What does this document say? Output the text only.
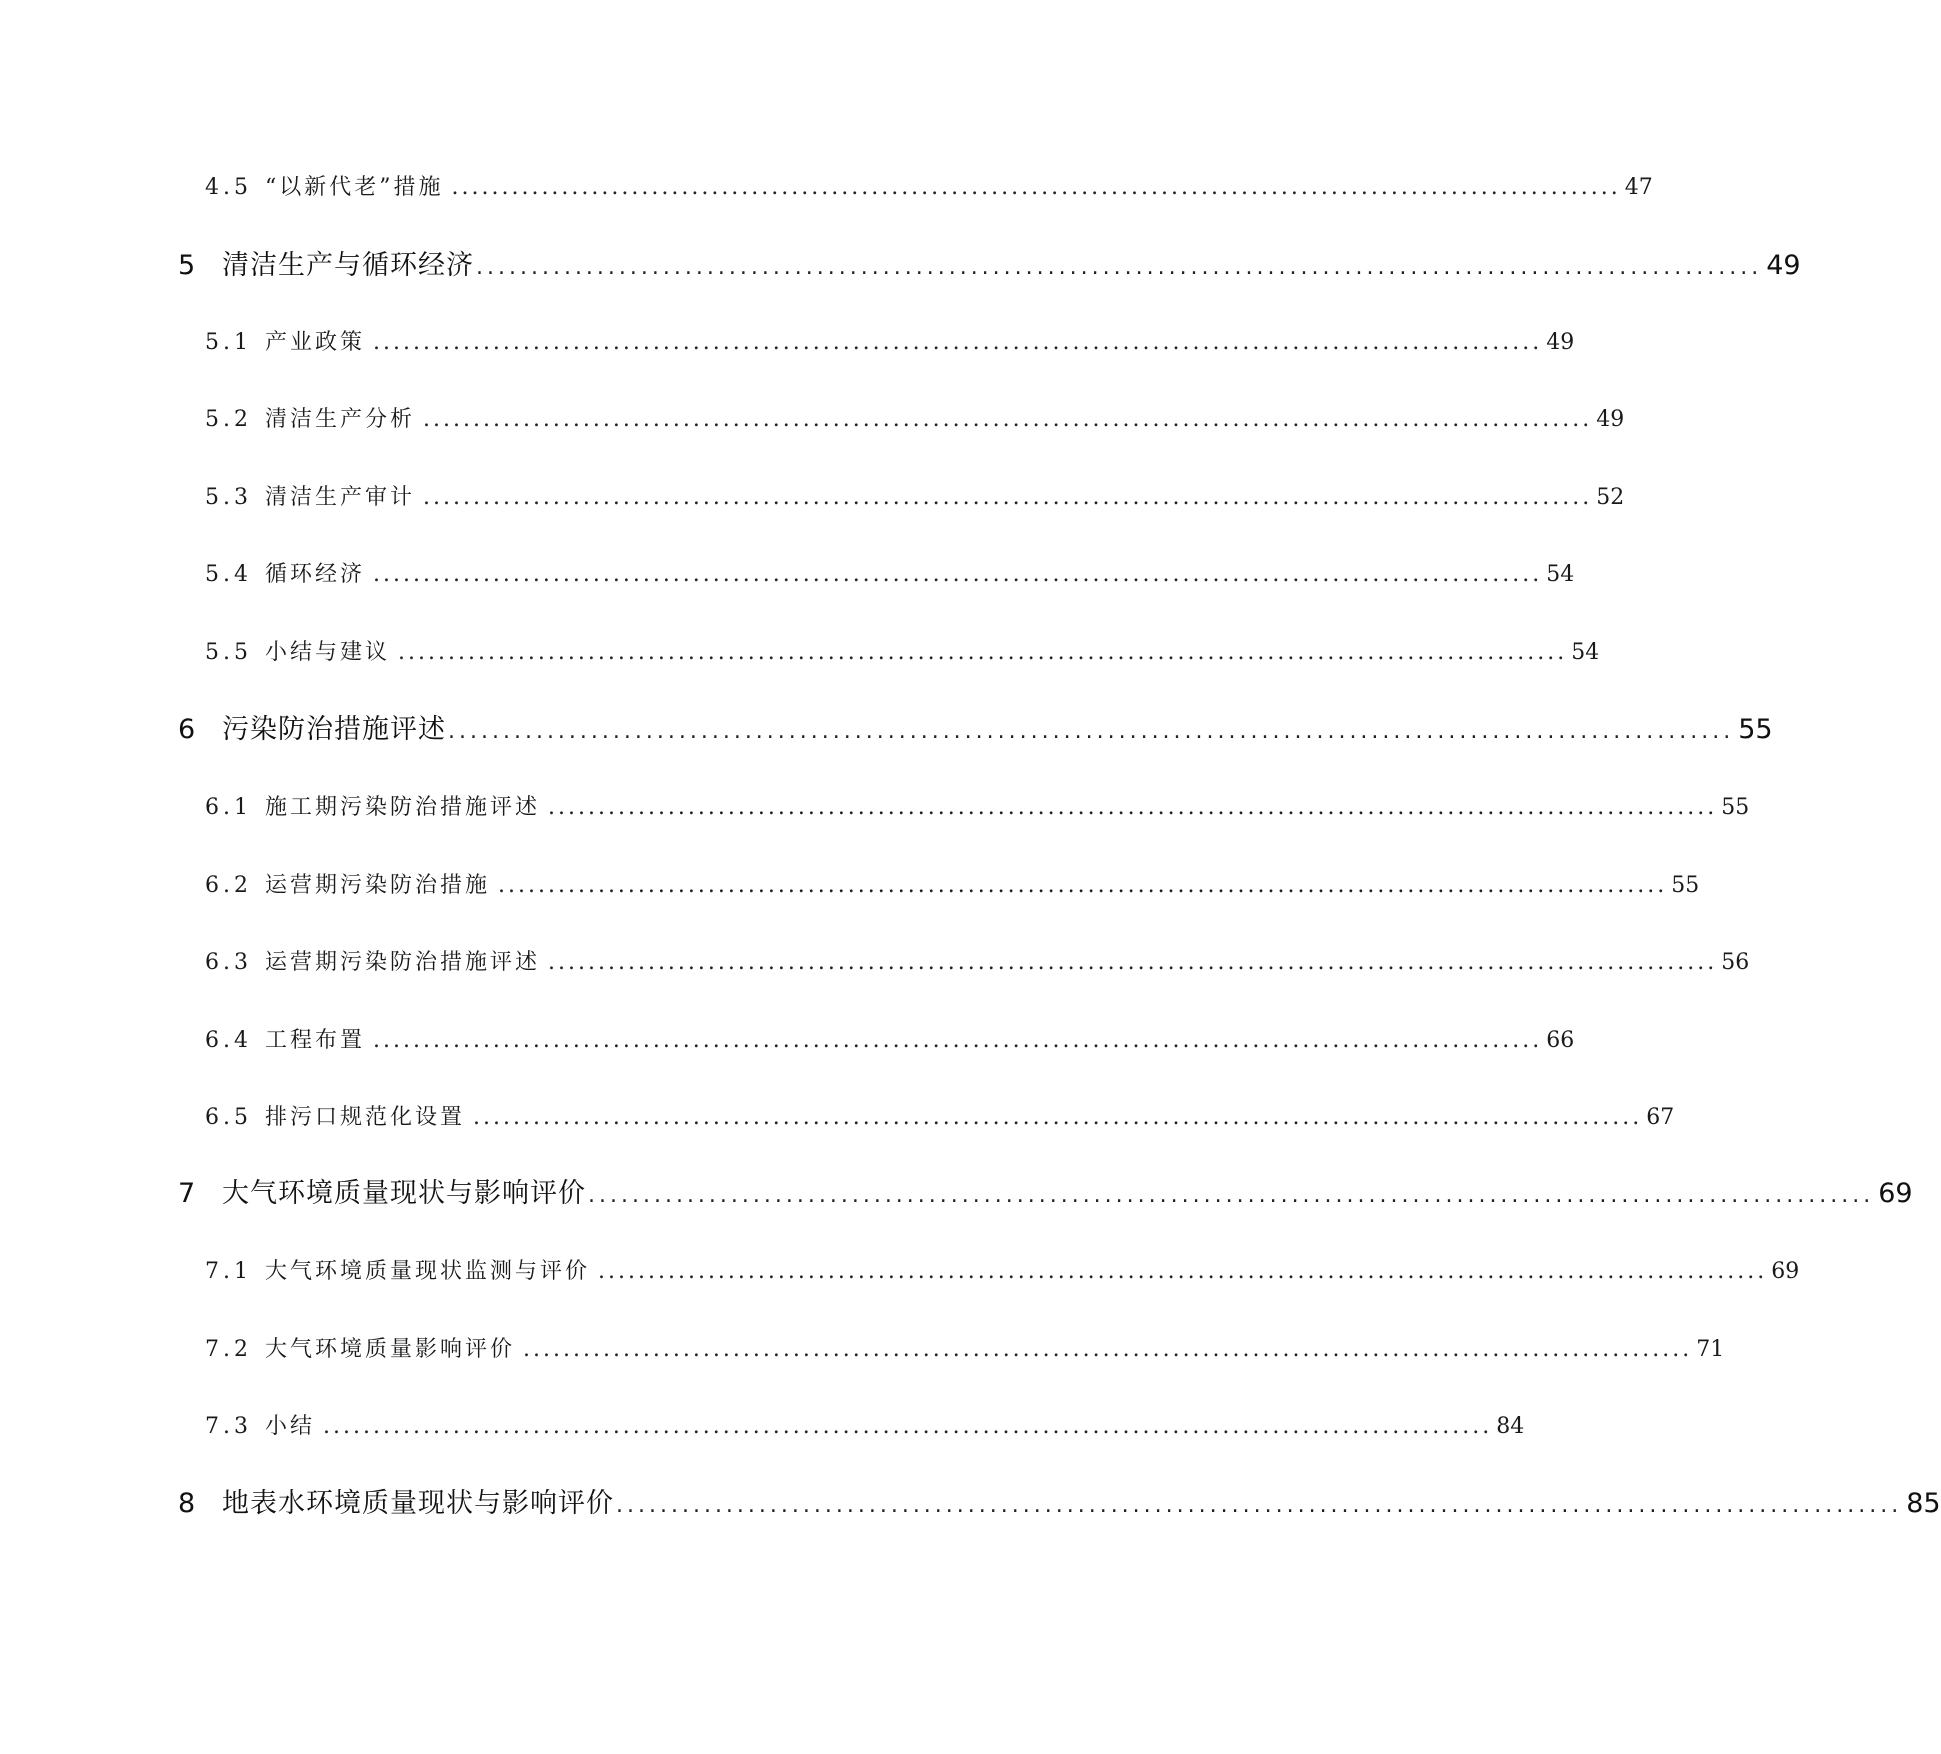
4.5 “以新代老”措施 ..................................................................................................................... 47
5 清洁生产与循环经济 ..................................................................................................................... 49
5.1 产业政策 ..................................................................................................................... 49
5.2 清洁生产分析 ..................................................................................................................... 49
5.3 清洁生产审计 ..................................................................................................................... 52
5.4 循环经济 ..................................................................................................................... 54
5.5 小结与建议 ..................................................................................................................... 54
6 污染防治措施评述 ..................................................................................................................... 55
6.1 施工期污染防治措施评述 ..................................................................................................................... 55
6.2 运营期污染防治措施 ..................................................................................................................... 55
6.3 运营期污染防治措施评述 ..................................................................................................................... 56
6.4 工程布置 ..................................................................................................................... 66
6.5 排污口规范化设置 ..................................................................................................................... 67
7 大气环境质量现状与影响评价 ..................................................................................................................... 69
7.1 大气环境质量现状监测与评价 ..................................................................................................................... 69
7.2 大气环境质量影响评价 ..................................................................................................................... 71
7.3 小结 ..................................................................................................................... 84
8 地表水环境质量现状与影响评价 ..................................................................................................................... 85
